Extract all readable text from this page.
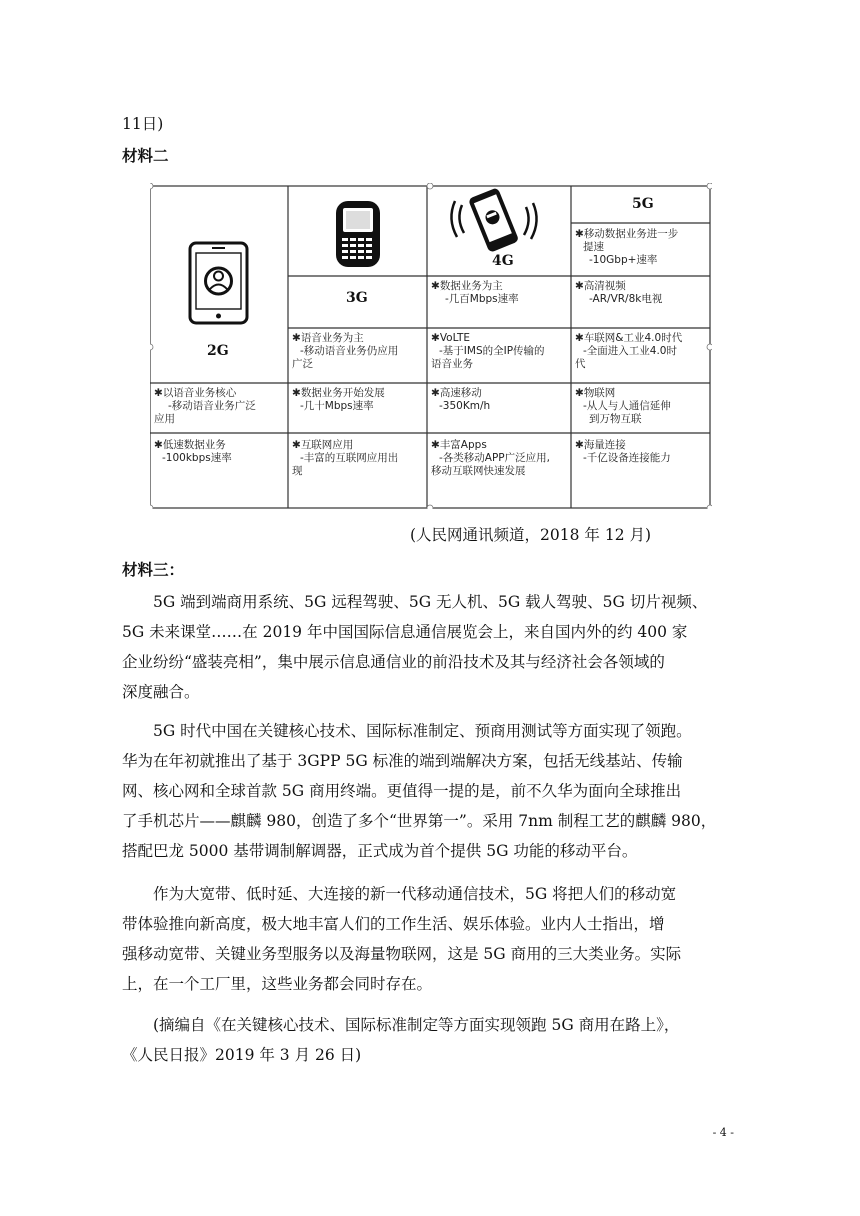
11日)
材料二
4G
5G
3G
2G
✱移动数据业务进一步
提速
-10Gbp+速率
✱数据业务为主
-几百Mbps速率
✱高清视频
-AR/VR/8k电视
✱语音业务为主
-移动语音业务仍应用
广泛
✱VoLTE
-基于IMS的全IP传输的
语音业务
✱车联网&工业4.0时代
-全面进入工业4.0时
代
✱以语音业务核心
-移动语音业务广泛
应用
✱数据业务开始发展
-几十Mbps速率
✱高速移动
-350Km/h
✱物联网
-从人与人通信延伸
到万物互联
✱低速数据业务
-100kbps速率
✱互联网应用
-丰富的互联网应用出
现
✱丰富Apps
-各类移动APP广泛应用,
移动互联网快速发展
✱海量连接
-千亿设备连接能力
(人民网通讯频道，2018 年 12 月)
材料三：
5G 端到端商用系统、5G 远程驾驶、5G 无人机、5G 载人驾驶、5G 切片视频、
5G 未来课堂……在 2019 年中国国际信息通信展览会上，来自国内外的约 400 家
企业纷纷“盛装亮相”，集中展示信息通信业的前沿技术及其与经济社会各领域的
深度融合。
5G 时代中国在关键核心技术、国际标准制定、预商用测试等方面实现了领跑。
华为在年初就推出了基于 3GPP 5G 标准的端到端解决方案，包括无线基站、传输
网、核心网和全球首款 5G 商用终端。更值得一提的是，前不久华为面向全球推出
了手机芯片——麒麟 980，创造了多个“世界第一”。采用 7nm 制程工艺的麒麟 980，
搭配巴龙 5000 基带调制解调器，正式成为首个提供 5G 功能的移动平台。
作为大宽带、低时延、大连接的新一代移动通信技术，5G 将把人们的移动宽
带体验推向新高度，极大地丰富人们的工作生活、娱乐体验。业内人士指出，增
强移动宽带、关键业务型服务以及海量物联网，这是 5G 商用的三大类业务。实际
上，在一个工厂里，这些业务都会同时存在。
(摘编自《在关键核心技术、国际标准制定等方面实现领跑 5G 商用在路上》，
《人民日报》2019 年 3 月 26 日)
- 4 -
